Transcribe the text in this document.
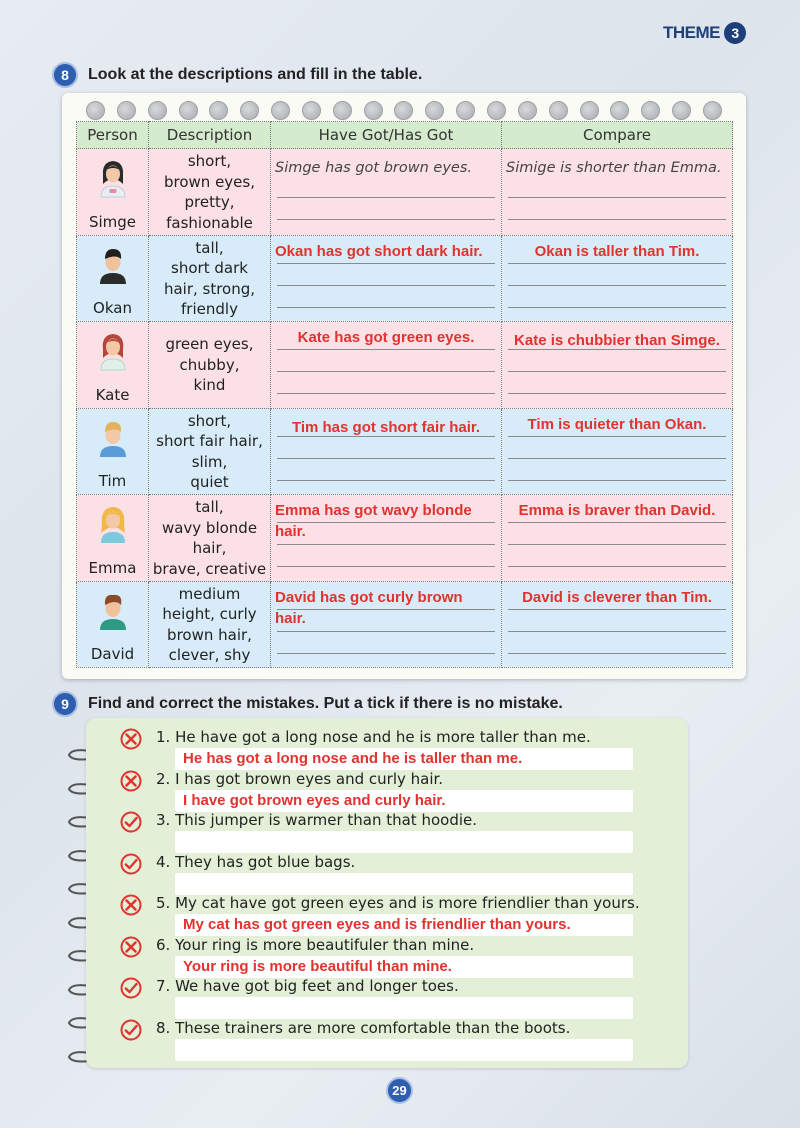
THEME 3
8	Look at the descriptions and fill in the table.
Person	Description	Have Got/Has Got	Compare

Simge	short,
brown eyes,
pretty,
fashionable	Simge has got brown eyes.	Simige is shorter than Emma.

Okan	tall,
short dark
hair, strong,
friendly	Okan has got short dark hair.	Okan is taller than Tim.

Kate	green eyes,
chubby,
kind	Kate has got green eyes.	Kate is chubbier than Simge.

Tim	short,
short fair hair,
slim,
quiet	Tim has got short fair hair.	Tim is quieter than Okan.

Emma	tall,
wavy blonde
hair,
brave, creative	Emma has got wavy blonde hair.	Emma is braver than David.

David	medium
height, curly
brown hair,
clever, shy	David has got curly brown hair.	David is cleverer than Tim.
9	Find and correct the mistakes. Put a tick if there is no mistake.
1. He have got a long nose and he is more taller than me.
He has got a long nose and he is taller than me.
2. I has got brown eyes and curly hair.
I have got brown eyes and curly hair.
3. This jumper is warmer than that hoodie.
4. They has got blue bags.
5. My cat have got green eyes and is more friendlier than yours.
My cat has got green eyes and is friendlier than yours.
6. Your ring is more beautifuler than mine.
Your ring is more beautiful than mine.
7. We have got big feet and longer toes.
8. These trainers are more comfortable than the boots.
29
